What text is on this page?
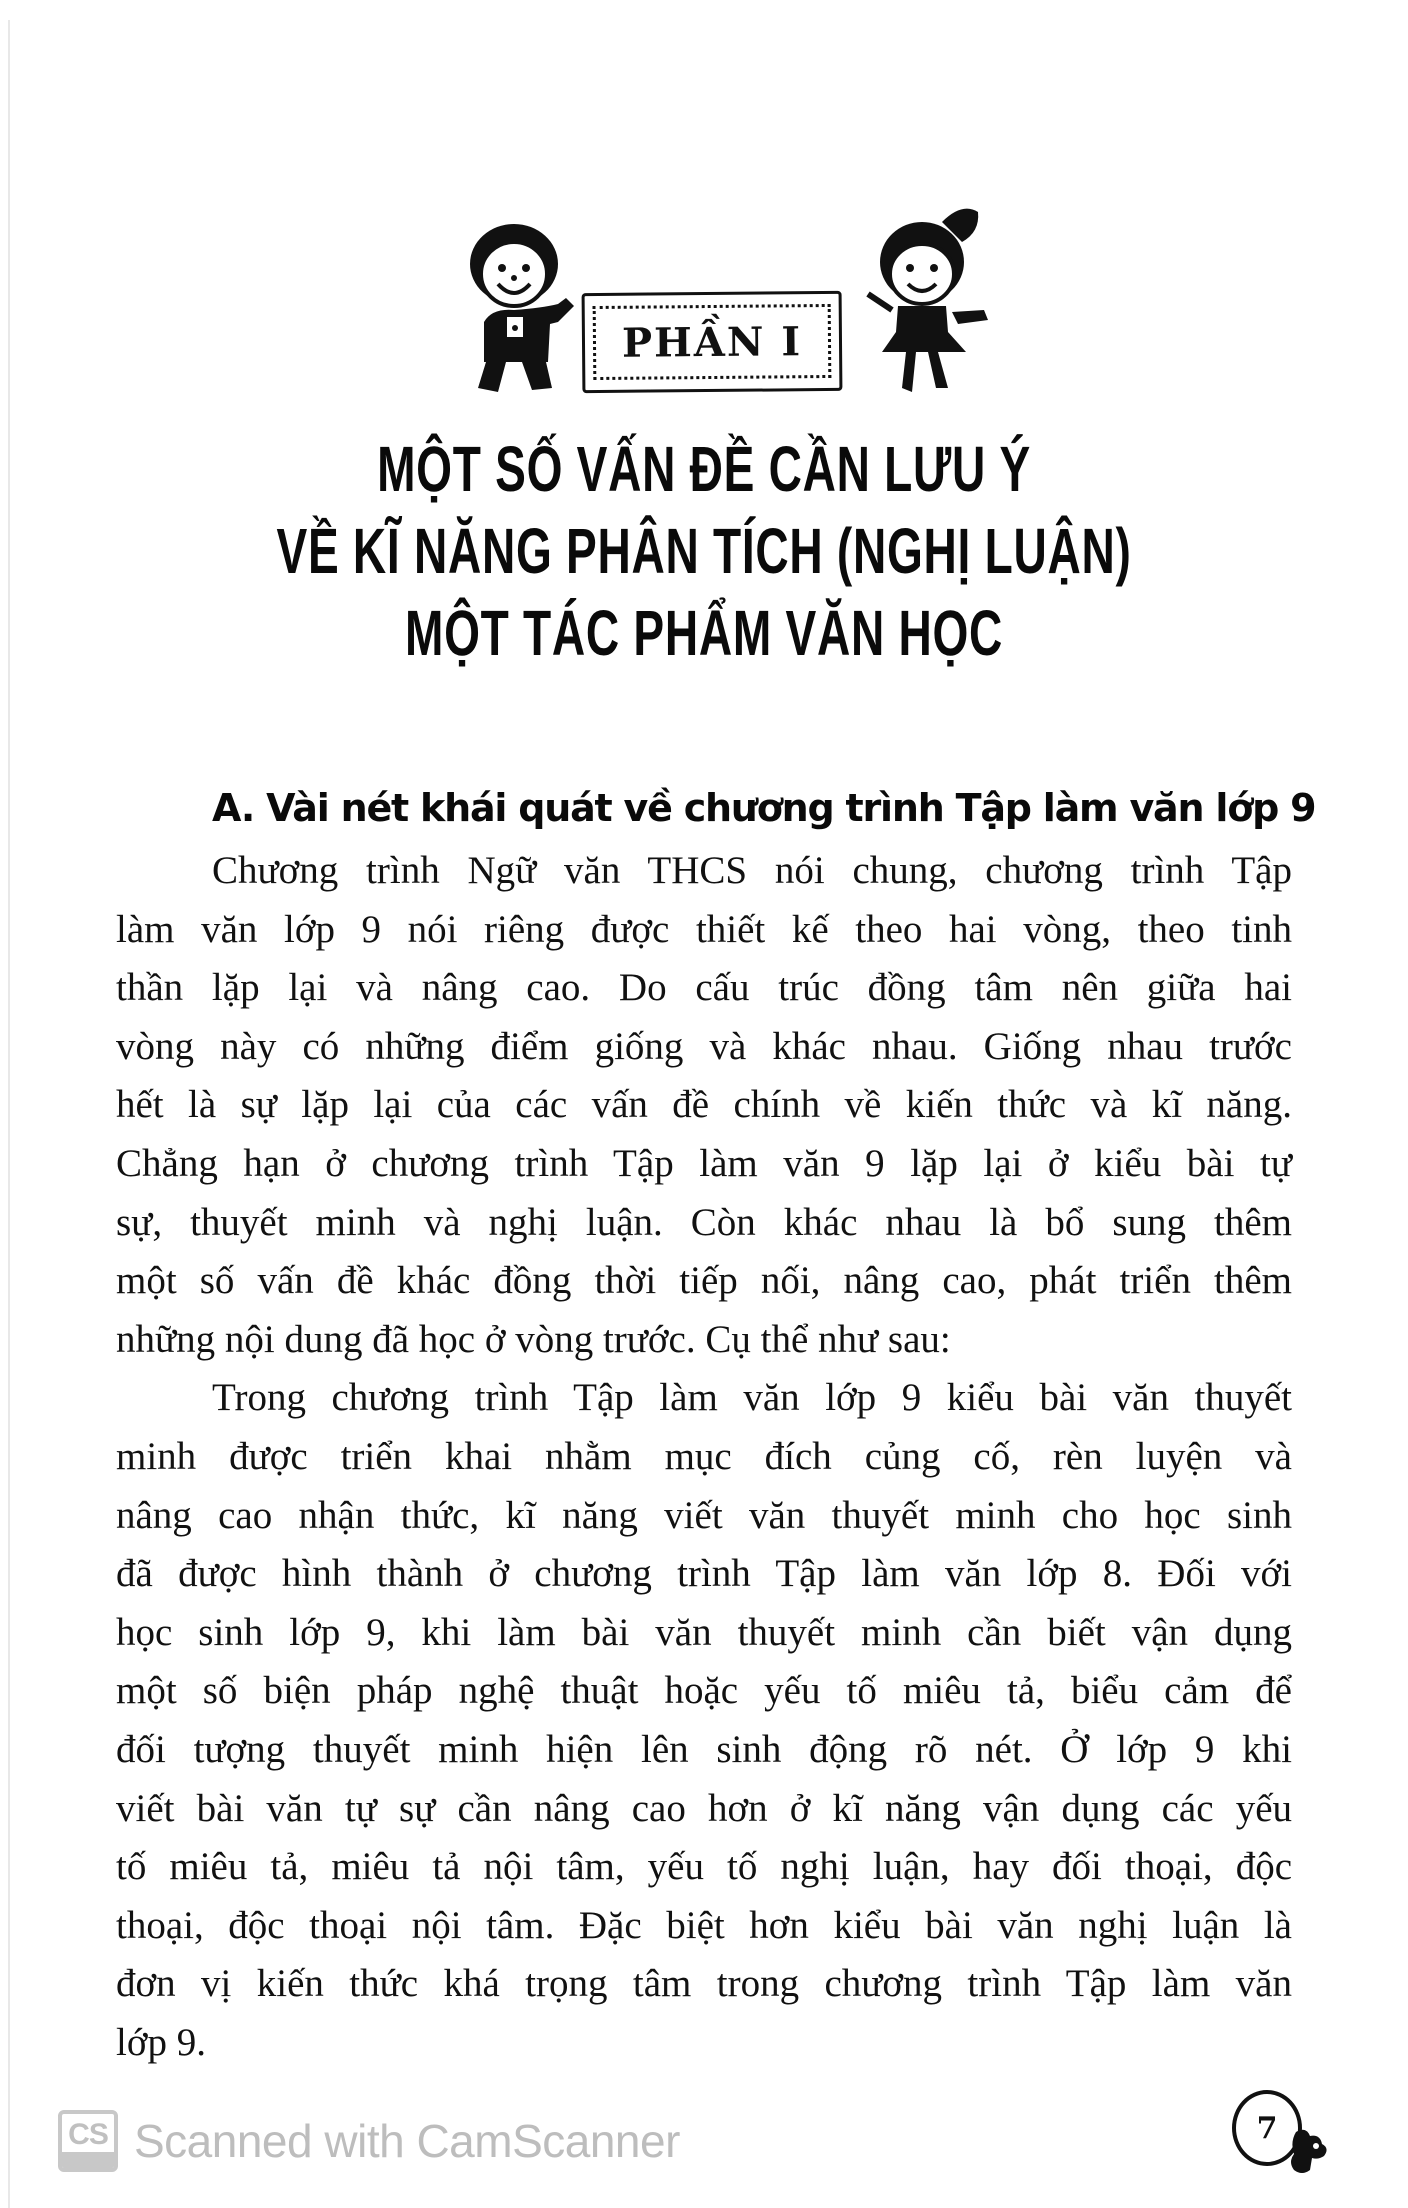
PHẦN I
MỘT SỐ VẤN ĐỀ CẦN LƯU Ý
VỀ KĨ NĂNG PHÂN TÍCH (NGHỊ LUẬN)
MỘT TÁC PHẨM VĂN HỌC
A. Vài nét khái quát về chương trình Tập làm văn lớp 9
Chương trình Ngữ văn THCS nói chung, chương trình Tập
làm văn lớp 9 nói riêng được thiết kế theo hai vòng, theo tinh
thần lặp lại và nâng cao. Do cấu trúc đồng tâm nên giữa hai
vòng này có những điểm giống và khác nhau. Giống nhau trước
hết là sự lặp lại của các vấn đề chính về kiến thức và kĩ năng.
Chẳng hạn ở chương trình Tập làm văn 9 lặp lại ở kiểu bài tự
sự, thuyết minh và nghị luận. Còn khác nhau là bổ sung thêm
một số vấn đề khác đồng thời tiếp nối, nâng cao, phát triển thêm
những nội dung đã học ở vòng trước. Cụ thể như sau:
Trong chương trình Tập làm văn lớp 9 kiểu bài văn thuyết
minh được triển khai nhằm mục đích củng cố, rèn luyện và
nâng cao nhận thức, kĩ năng viết văn thuyết minh cho học sinh
đã được hình thành ở chương trình Tập làm văn lớp 8. Đối với
học sinh lớp 9, khi làm bài văn thuyết minh cần biết vận dụng
một số biện pháp nghệ thuật hoặc yếu tố miêu tả, biểu cảm để
đối tượng thuyết minh hiện lên sinh động rõ nét. Ở lớp 9 khi
viết bài văn tự sự cần nâng cao hơn ở kĩ năng vận dụng các yếu
tố miêu tả, miêu tả nội tâm, yếu tố nghị luận, hay đối thoại, độc
thoại, độc thoại nội tâm. Đặc biệt hơn kiểu bài văn nghị luận là
đơn vị kiến thức khá trọng tâm trong chương trình Tập làm văn
lớp 9.
CS Scanned with CamScanner	7
